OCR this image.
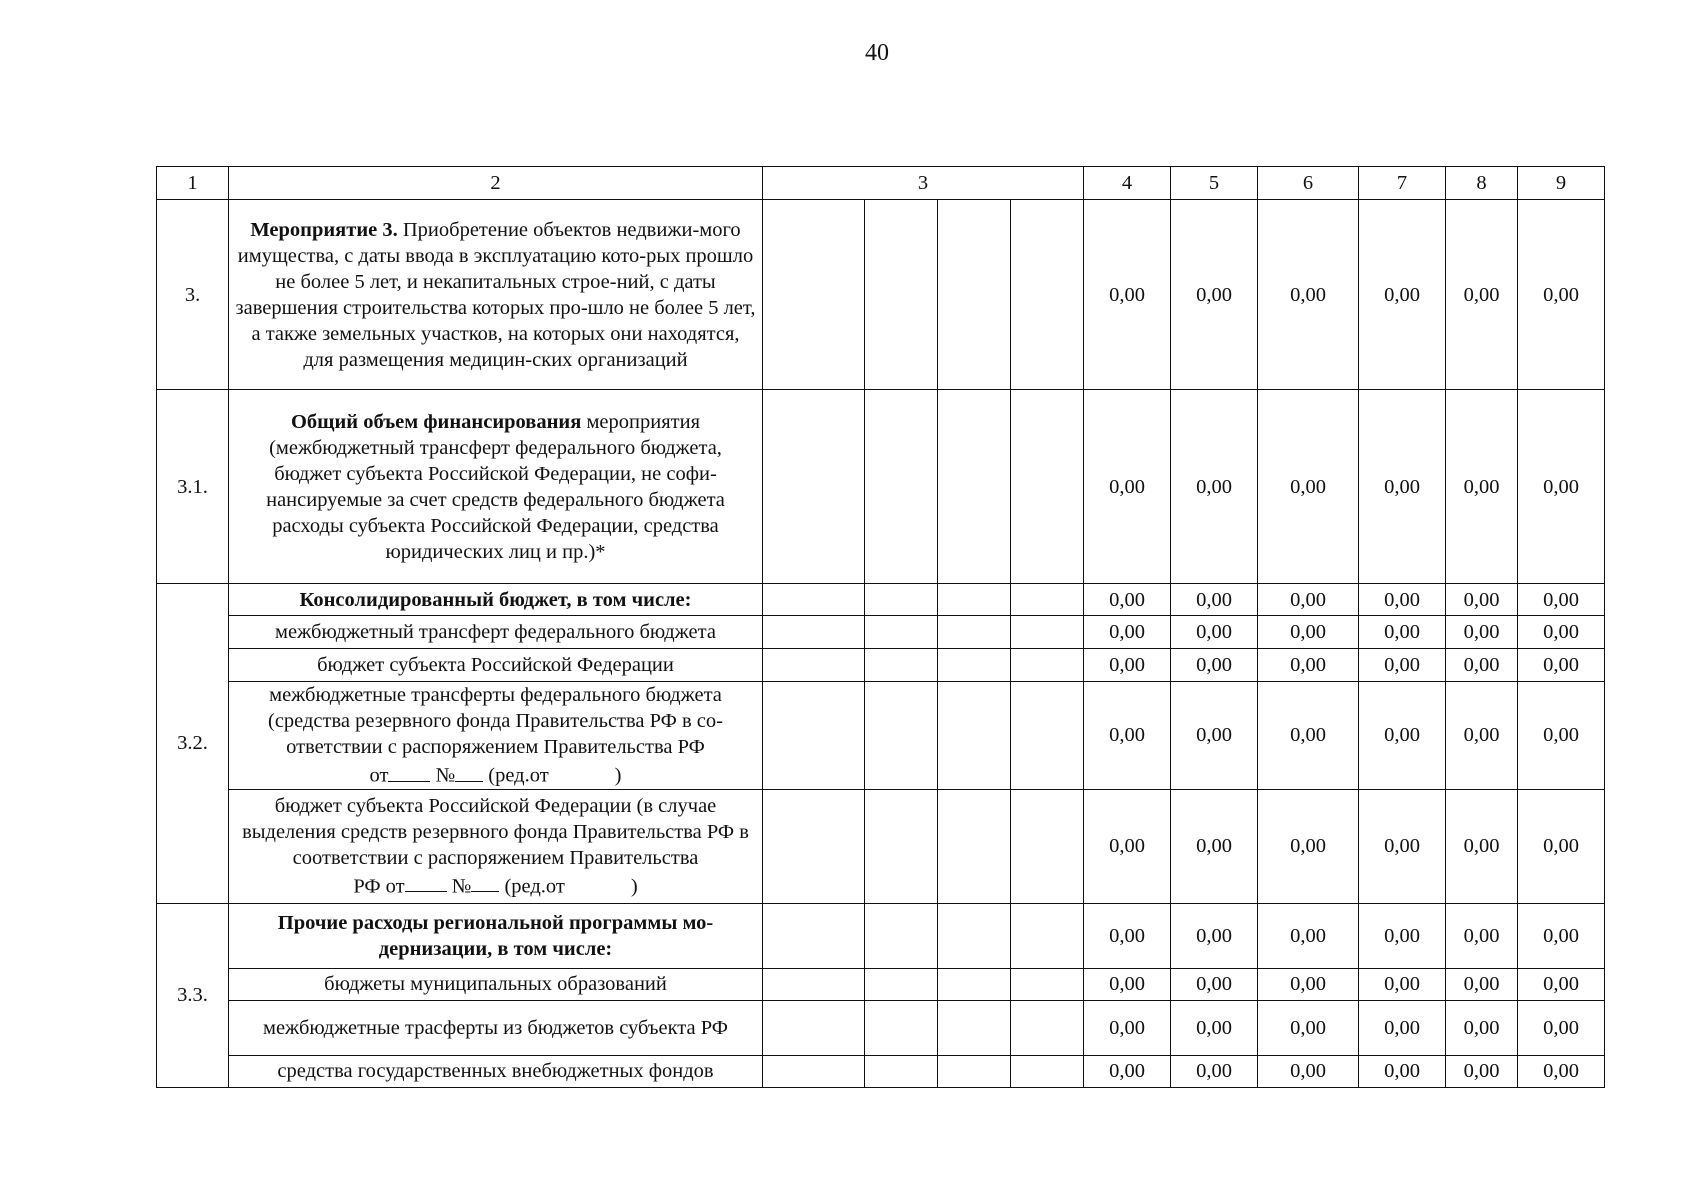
40
1	2	3				4	5	6	7	8	9
3.	Мероприятие 3. Приобретение объектов недвижи-мого имущества, с даты ввода в эксплуатацию кото-рых прошло не более 5 лет, и некапитальных строе-ний, с даты завершения строительства которых про-шло не более 5 лет, а также земельных участков, на которых они находятся, для размещения медицин-ских организаций					0,00	0,00	0,00	0,00	0,00	0,00
3.1.	Общий объем финансирования мероприятия (межбюджетный трансферт федерального бюджета, бюджет субъекта Российской Федерации, не софи-нансируемые за счет средств федерального бюджета расходы субъекта Российской Федерации, средства юридических лиц и пр.)*					0,00	0,00	0,00	0,00	0,00	0,00
3.2.	Консолидированный бюджет, в том числе:					0,00	0,00	0,00	0,00	0,00	0,00
	межбюджетный трансферт федерального бюджета					0,00	0,00	0,00	0,00	0,00	0,00
	бюджет субъекта Российской Федерации					0,00	0,00	0,00	0,00	0,00	0,00
	межбюджетные трансферты федерального бюджета (средства резервного фонда Правительства РФ в со-ответствии с распоряжением Правительства РФ
от № (ред.от )					0,00	0,00	0,00	0,00	0,00	0,00
	бюджет субъекта Российской Федерации (в случае выделения средств резервного фонда Правительства РФ в соответствии с распоряжением Правительства
РФ от № (ред.от )					0,00	0,00	0,00	0,00	0,00	0,00
3.3.	Прочие расходы региональной программы мо-дернизации, в том числе:					0,00	0,00	0,00	0,00	0,00	0,00
	бюджеты муниципальных образований					0,00	0,00	0,00	0,00	0,00	0,00
	межбюджетные трасферты из бюджетов субъекта РФ					0,00	0,00	0,00	0,00	0,00	0,00
	средства государственных внебюджетных фондов					0,00	0,00	0,00	0,00	0,00	0,00
